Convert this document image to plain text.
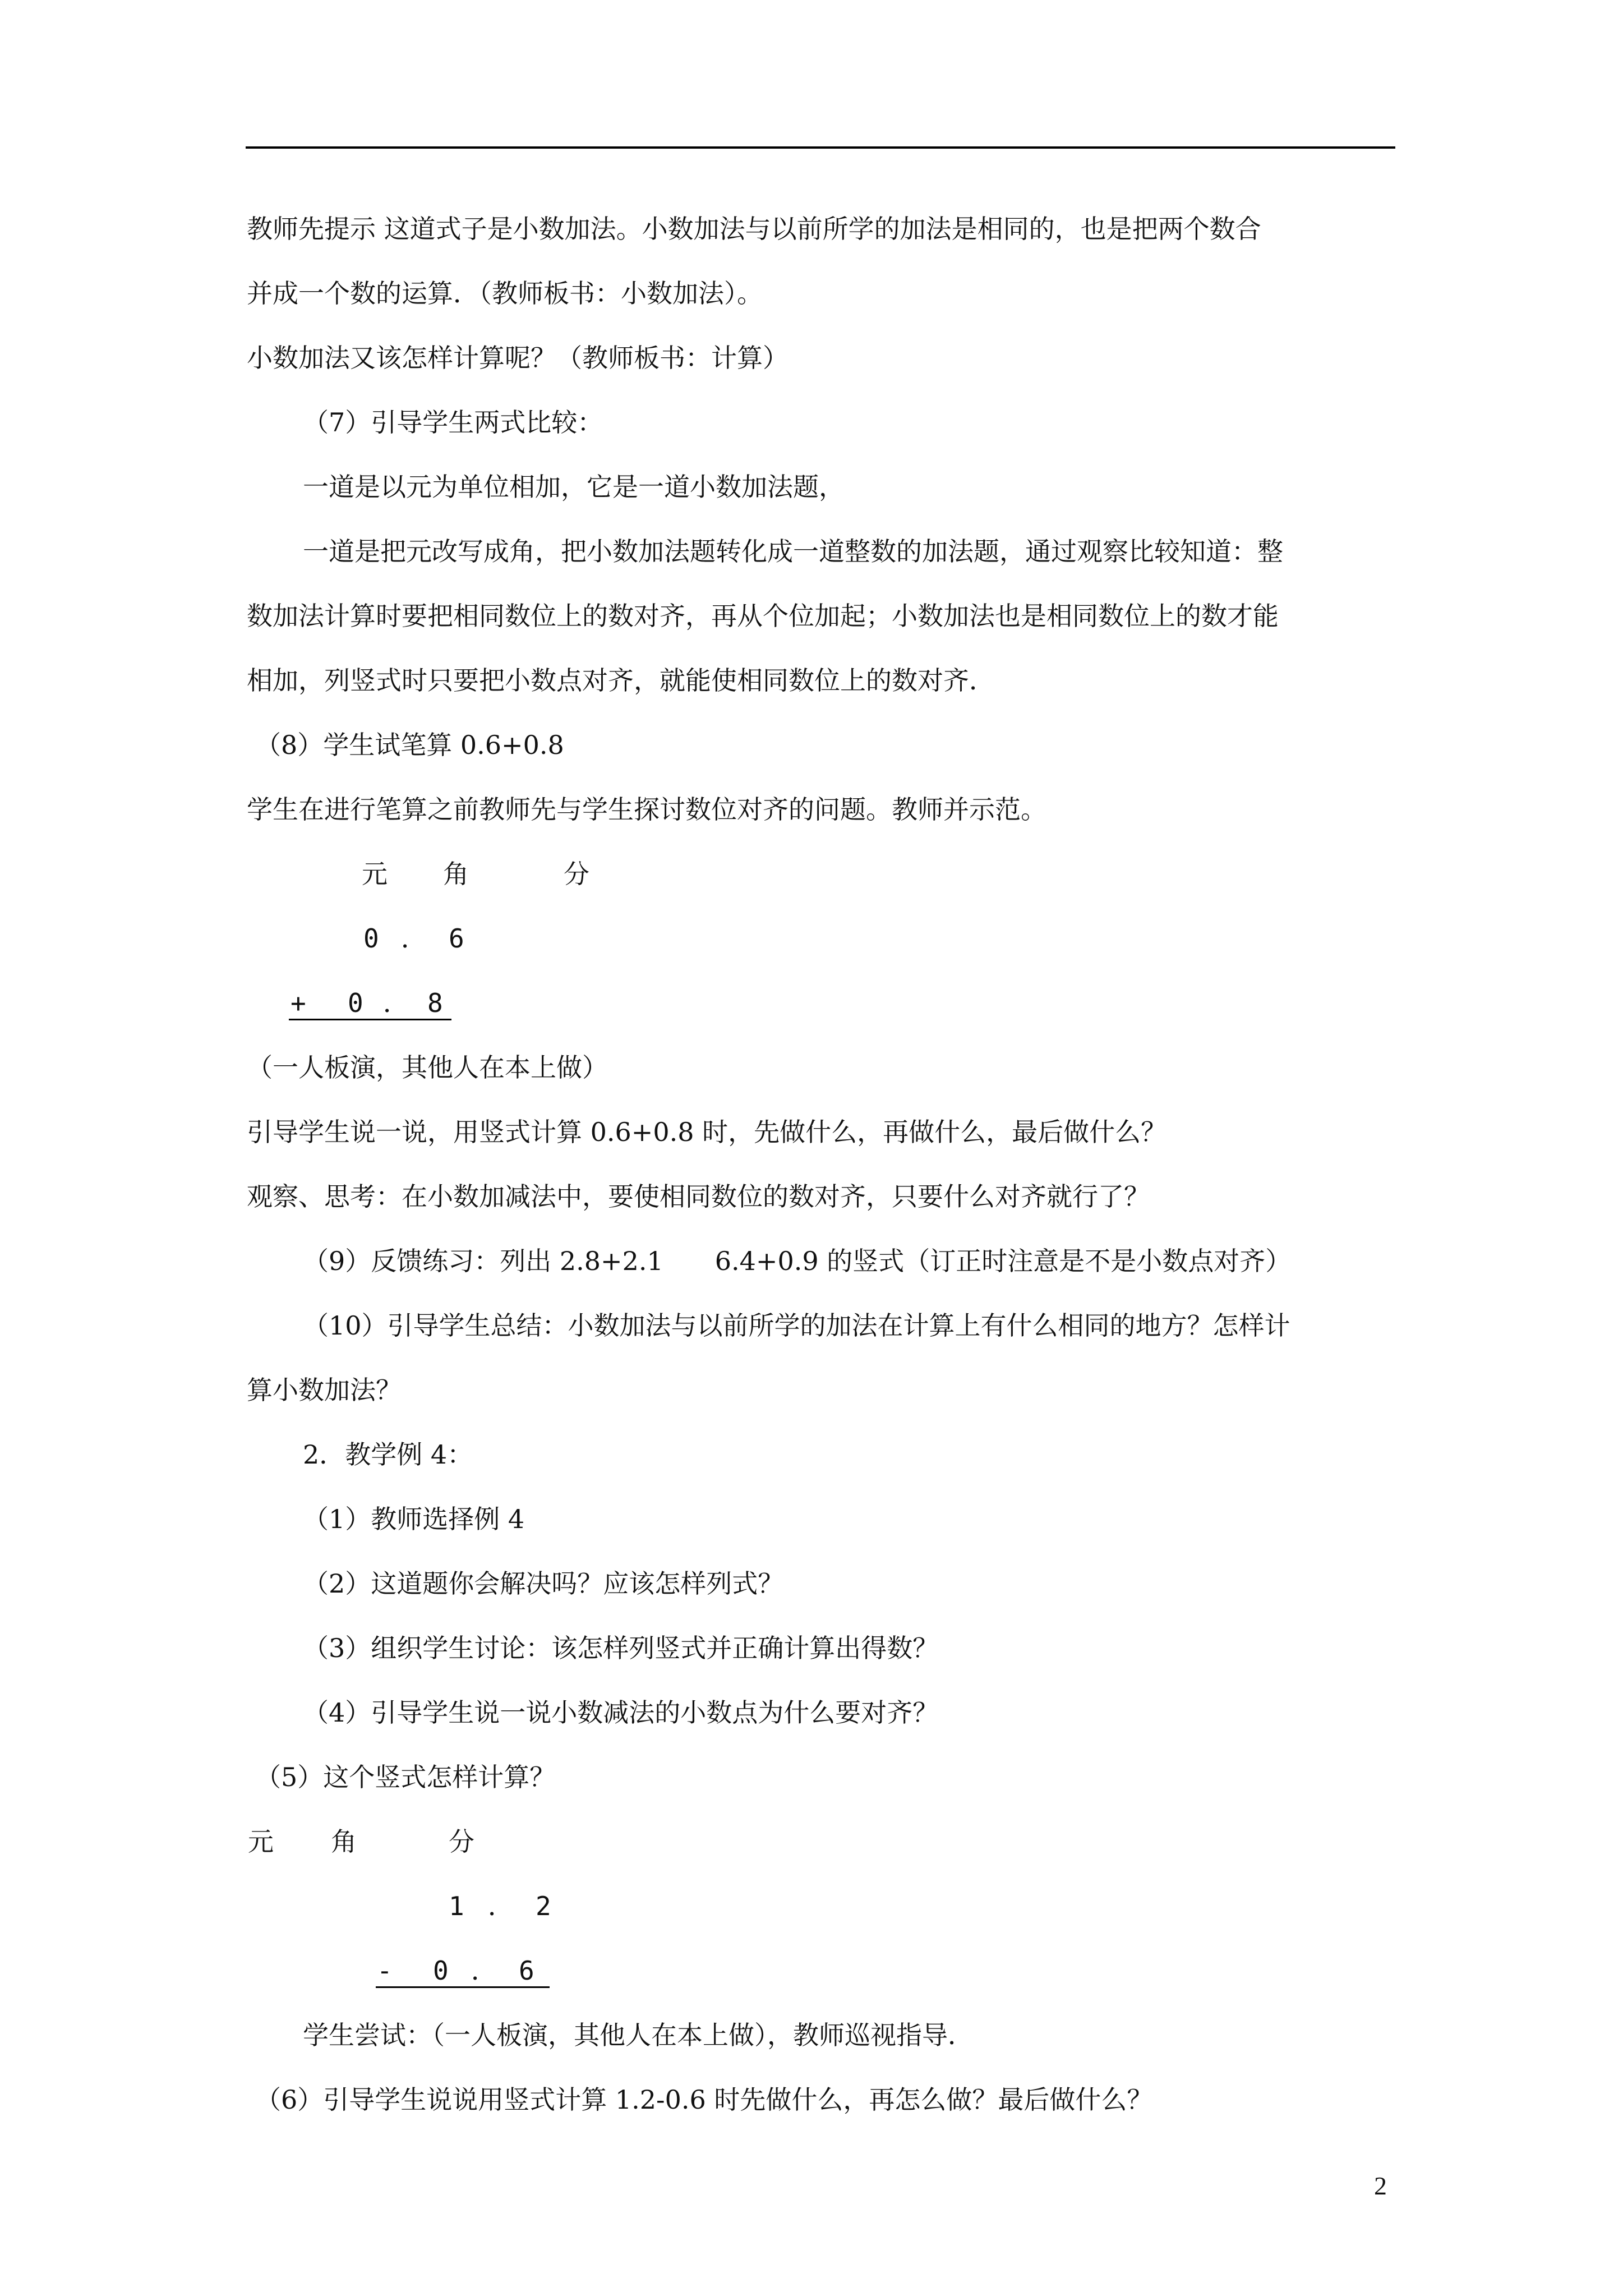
教师先提示 这道式子是小数加法。小数加法与以前所学的加法是相同的，也是把两个数合
并成一个数的运算．（教师板书：小数加法）。
小数加法又该怎样计算呢？（教师板书：计算）
（7）引导学生两式比较：
一道是以元为单位相加，它是一道小数加法题，
一道是把元改写成角，把小数加法题转化成一道整数的加法题，通过观察比较知道：整
数加法计算时要把相同数位上的数对齐，再从个位加起；小数加法也是相同数位上的数才能
相加，列竖式时只要把小数点对齐，就能使相同数位上的数对齐．
（8）学生试笔算 0.6+0.8
学生在进行笔算之前教师先与学生探讨数位对齐的问题。教师并示范。
元 角	分
0 ． 6
+ 0 ． 8
（一人板演，其他人在本上做）
引导学生说一说，用竖式计算 0.6+0.8 时，先做什么，再做什么，最后做什么？
观察、思考：在小数加减法中，要使相同数位的数对齐，只要什么对齐就行了？
（9）反馈练习：列出 2.8+2.1　　6.4+0.9 的竖式（订正时注意是不是小数点对齐）
（10）引导学生总结：小数加法与以前所学的加法在计算上有什么相同的地方？怎样计
算小数加法？
2．教学例 4：
（1）教师选择例 4
（2）这道题你会解决吗？应该怎样列式？
（3）组织学生讨论：该怎样列竖式并正确计算出得数？
（4）引导学生说一说小数减法的小数点为什么要对齐？
（5）这个竖式怎样计算？
元 角	分
1 ． 2
- 0 ． 6
学生尝试：（一人板演，其他人在本上做），教师巡视指导．
（6）引导学生说说用竖式计算 1.2-0.6 时先做什么，再怎么做？最后做什么？
2
